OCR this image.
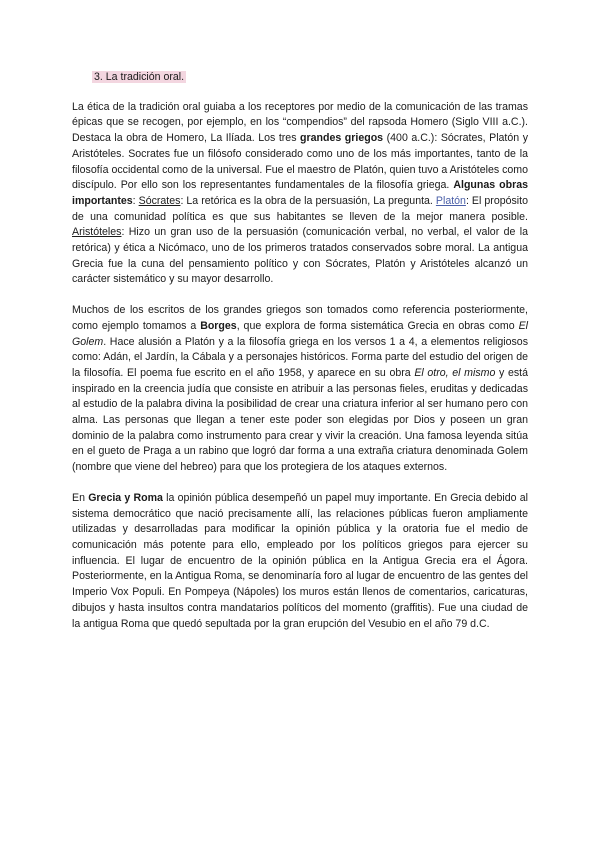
3. La tradición oral.

La ética de la tradición oral guiaba a los receptores por medio de la comunicación de las tramas épicas que se recogen, por ejemplo, en los “compendios” del rapsoda Homero (Siglo VIII a.C.). Destaca la obra de Homero, La Ilíada. Los tres grandes griegos (400 a.C.): Sócrates, Platón y Aristóteles. Socrates fue un filósofo considerado como uno de los más importantes, tanto de la filosofía occidental como de la universal. Fue el maestro de Platón, quien tuvo a Aristóteles como discípulo. Por ello son los representantes fundamentales de la filosofía griega. Algunas obras importantes: Sócrates: La retórica es la obra de la persuasión, La pregunta. Platón: El propósito de una comunidad política es que sus habitantes se lleven de la mejor manera posible. Aristóteles: Hizo un gran uso de la persuasión (comunicación verbal, no verbal, el valor de la retórica) y ética a Nicómaco, uno de los primeros tratados conservados sobre moral. La antigua Grecia fue la cuna del pensamiento político y con Sócrates, Platón y Aristóteles alcanzó un carácter sistemático y su mayor desarrollo.

Muchos de los escritos de los grandes griegos son tomados como referencia posteriormente, como ejemplo tomamos a Borges, que explora de forma sistemática Grecia en obras como El Golem. Hace alusión a Platón y a la filosofía griega en los versos 1 a 4, a elementos religiosos como: Adán, el Jardín, la Cábala y a personajes históricos. Forma parte del estudio del origen de la filosofía. El poema fue escrito en el año 1958, y aparece en su obra El otro, el mismo y está inspirado en la creencia judía que consiste en atribuir a las personas fieles, eruditas y dedicadas al estudio de la palabra divina la posibilidad de crear una criatura inferior al ser humano pero con alma. Las personas que llegan a tener este poder son elegidas por Dios y poseen un gran dominio de la palabra como instrumento para crear y vivir la creación. Una famosa leyenda sitúa en el gueto de Praga a un rabino que logró dar forma a una extraña criatura denominada Golem (nombre que viene del hebreo) para que los protegiera de los ataques externos.

En Grecia y Roma la opinión pública desempeñó un papel muy importante. En Grecia debido al sistema democrático que nació precisamente allí, las relaciones públicas fueron ampliamente utilizadas y desarrolladas para modificar la opinión pública y la oratoria fue el medio de comunicación más potente para ello, empleado por los políticos griegos para ejercer su influencia. El lugar de encuentro de la opinión pública en la Antigua Grecia era el Ágora. Posteriormente, en la Antigua Roma, se denominaría foro al lugar de encuentro de las gentes del Imperio Vox Populi. En Pompeya (Nápoles) los muros están llenos de comentarios, caricaturas, dibujos y hasta insultos contra mandatarios políticos del momento (graffitis). Fue una ciudad de la antigua Roma que quedó sepultada por la gran erupción del Vesubio en el año 79 d.C.
